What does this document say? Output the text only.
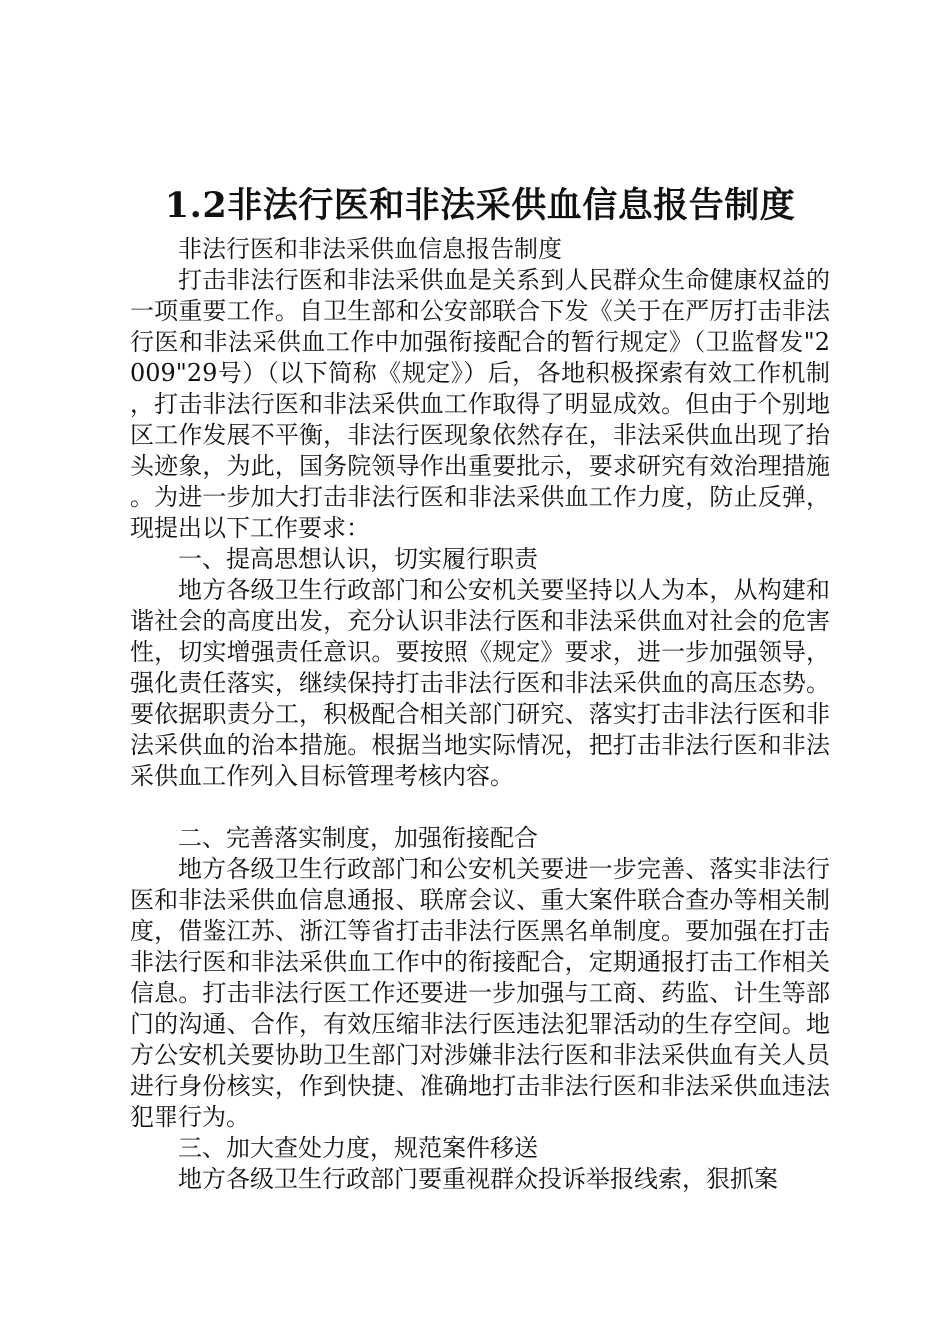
1.2非法行医和非法采供血信息报告制度

非法行医和非法采供血信息报告制度

打击非法行医和非法采供血是关系到人民群众生命健康权益的一项重要工作。自卫生部和公安部联合下发《关于在严厉打击非法行医和非法采供血工作中加强衔接配合的暂行规定》（卫监督发"2009"29号）（以下简称《规定》）后，各地积极探索有效工作机制，打击非法行医和非法采供血工作取得了明显成效。但由于个别地区工作发展不平衡，非法行医现象依然存在，非法采供血出现了抬头迹象，为此，国务院领导作出重要批示，要求研究有效治理措施。为进一步加大打击非法行医和非法采供血工作力度，防止反弹，现提出以下工作要求：

一、提高思想认识，切实履行职责

地方各级卫生行政部门和公安机关要坚持以人为本，从构建和谐社会的高度出发，充分认识非法行医和非法采供血对社会的危害性，切实增强责任意识。要按照《规定》要求，进一步加强领导，强化责任落实，继续保持打击非法行医和非法采供血的高压态势。要依据职责分工，积极配合相关部门研究、落实打击非法行医和非法采供血的治本措施。根据当地实际情况，把打击非法行医和非法采供血工作列入目标管理考核内容。

二、完善落实制度，加强衔接配合

地方各级卫生行政部门和公安机关要进一步完善、落实非法行医和非法采供血信息通报、联席会议、重大案件联合查办等相关制度，借鉴江苏、浙江等省打击非法行医黑名单制度。要加强在打击非法行医和非法采供血工作中的衔接配合，定期通报打击工作相关信息。打击非法行医工作还要进一步加强与工商、药监、计生等部门的沟通、合作，有效压缩非法行医违法犯罪活动的生存空间。地方公安机关要协助卫生部门对涉嫌非法行医和非法采供血有关人员进行身份核实，作到快捷、准确地打击非法行医和非法采供血违法犯罪行为。

三、加大查处力度，规范案件移送

地方各级卫生行政部门要重视群众投诉举报线索，狠抓案
